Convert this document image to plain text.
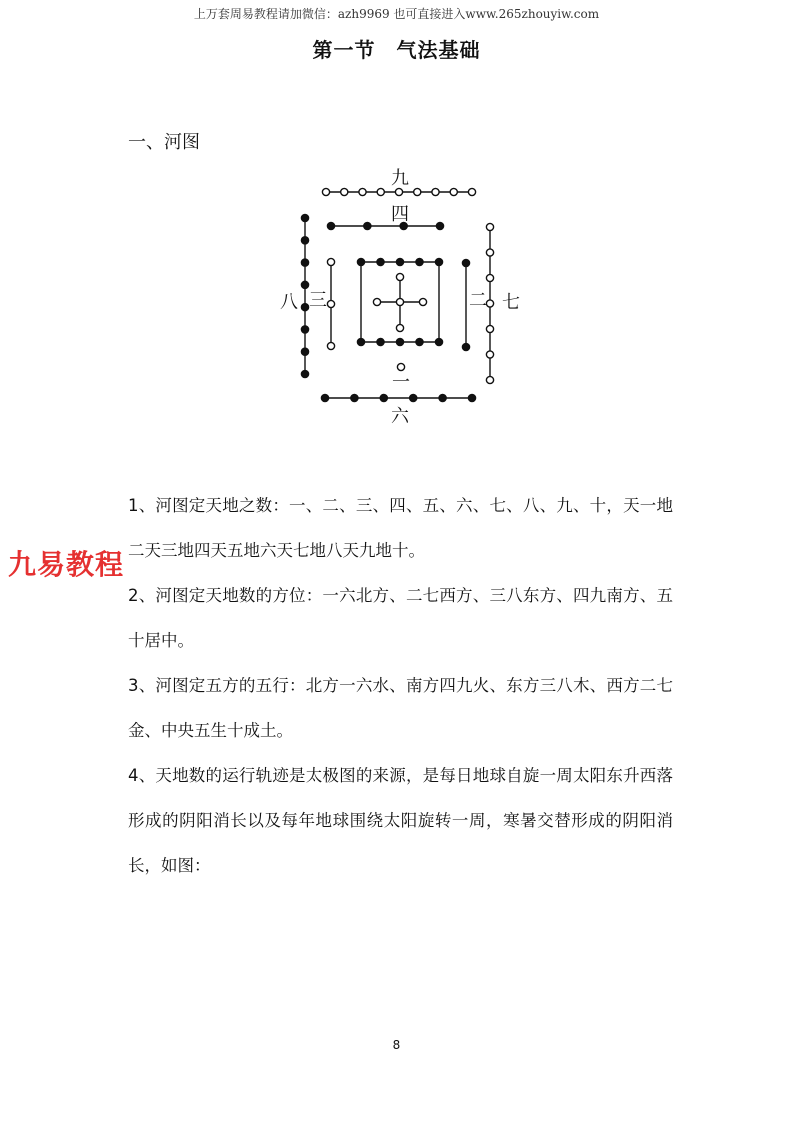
上万套周易教程请加微信：azh9969 也可直接进入www.265zhouyiw.com
第一节　气法基础
一、河图
九
四
八 三	二 七
一
六

1、河图定天地之数：一、二、三、四、五、六、七、八、九、十，天一地二天三地四天五地六天七地八天九地十。

2、河图定天地数的方位：一六北方、二七西方、三八东方、四九南方、五十居中。

3、河图定五方的五行：北方一六水、南方四九火、东方三八木、西方二七金、中央五生十成土。

4、天地数的运行轨迹是太极图的来源，是每日地球自旋一周太阳东升西落形成的阴阳消长以及每年地球围绕太阳旋转一周，寒暑交替形成的阴阳消长，如图：

九易教程
8
